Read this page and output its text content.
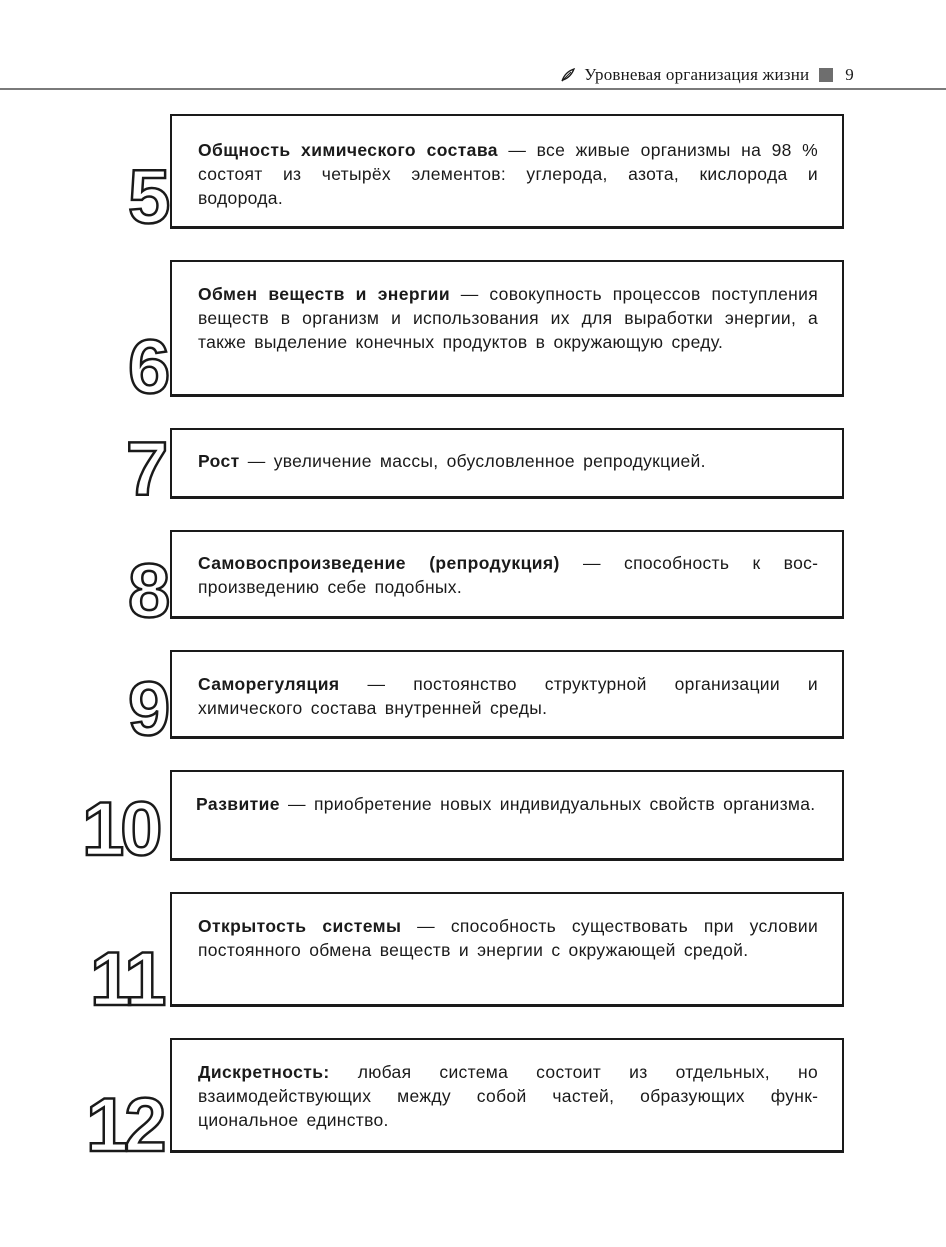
Уровневая организация жизни 9
5
Общность химического состава — все живые организмы на 98 % состоят из четырёх элементов: углерода, азота, кислорода и водорода.
6
Обмен веществ и энергии — совокупность процессов поступления веществ в организм и использования их для выработки энергии, а также выделение конечных продуктов в окружающую среду.
7 Рост — увеличение массы, обусловленное репродукцией.
8 Самовоспроизведение (репродукция) — способность к воспроизведению себе подобных.
9 Саморегуляция — постоянство структурной организации и химического состава внутренней среды.
10 Развитие — приобретение новых индивидуальных свойств организма.
11
Открытость системы — способность существовать при условии постоянного обмена веществ и энергии с окружающей средой.
12
Дискретность: любая система состоит из отдельных, но взаимодействующих между собой частей, образующих функциональное единство.
